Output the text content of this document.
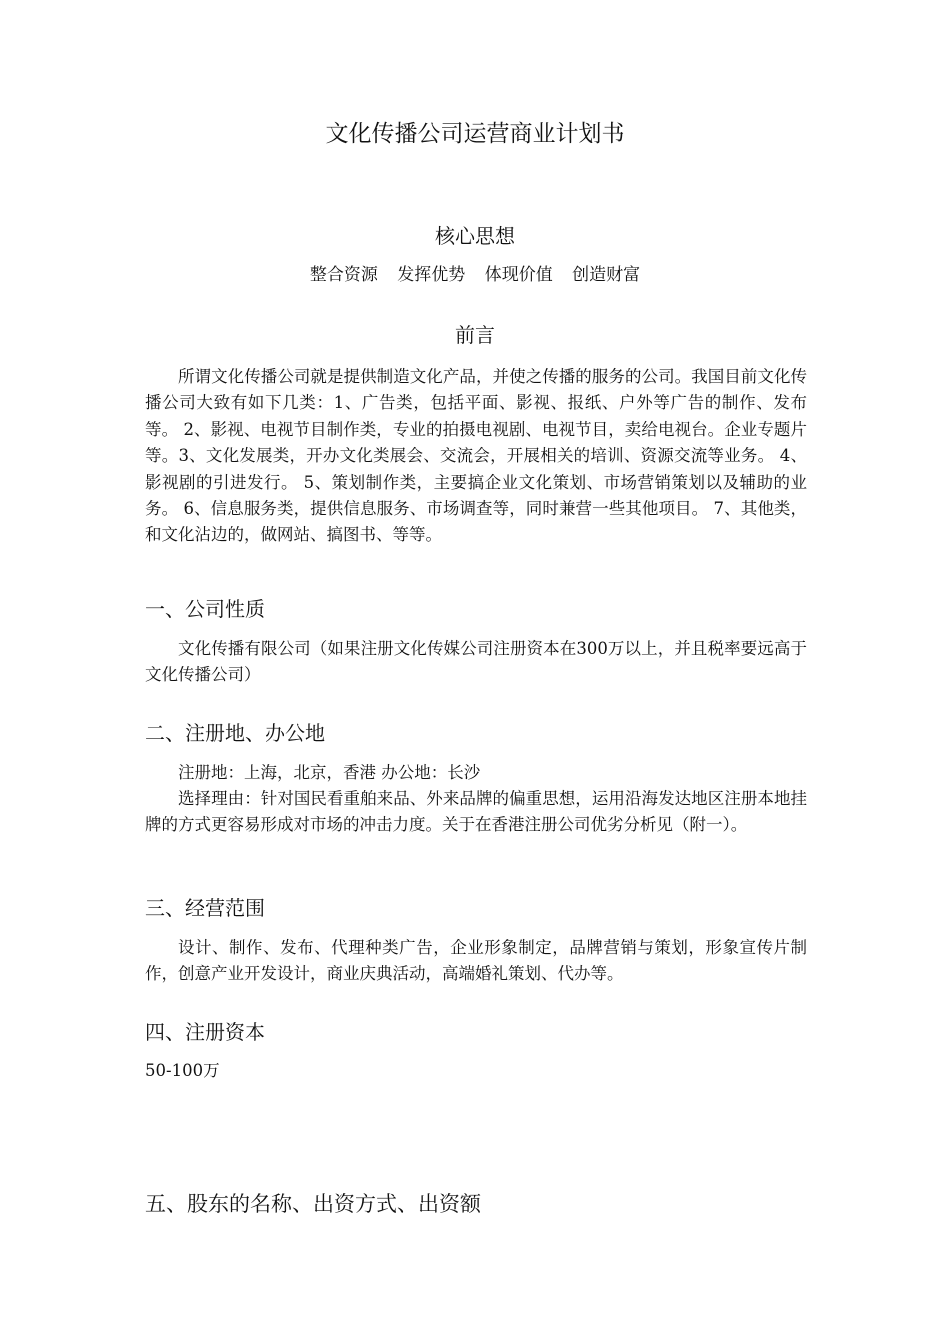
文化传播公司运营商业计划书
核心思想
整合资源 发挥优势 体现价值 创造财富
前言

所谓文化传播公司就是提供制造文化产品，并使之传播的服务的公司。我国目前文化传播公司大致有如下几类：1、广告类，包括平面、影视、报纸、户外等广告的制作、发布等。 2、影视、电视节目制作类，专业的拍摄电视剧、电视节目，卖给电视台。企业专题片等。3、文化发展类，开办文化类展会、交流会，开展相关的培训、资源交流等业务。 4、影视剧的引进发行。 5、策划制作类，主要搞企业文化策划、市场营销策划以及辅助的业务。 6、信息服务类，提供信息服务、市场调查等，同时兼营一些其他项目。 7、其他类，和文化沾边的，做网站、搞图书、等等。

一、公司性质

文化传播有限公司（如果注册文化传媒公司注册资本在300万以上，并且税率要远高于文化传播公司）

二、注册地、办公地

注册地：上海，北京，香港 办公地：长沙

选择理由：针对国民看重舶来品、外来品牌的偏重思想，运用沿海发达地区注册本地挂牌的方式更容易形成对市场的冲击力度。关于在香港注册公司优劣分析见（附一）。

三、经营范围

设计、制作、发布、代理种类广告，企业形象制定，品牌营销与策划，形象宣传片制作，创意产业开发设计，商业庆典活动，高端婚礼策划、代办等。

四、注册资本

50-100万

五、股东的名称、出资方式、出资额
